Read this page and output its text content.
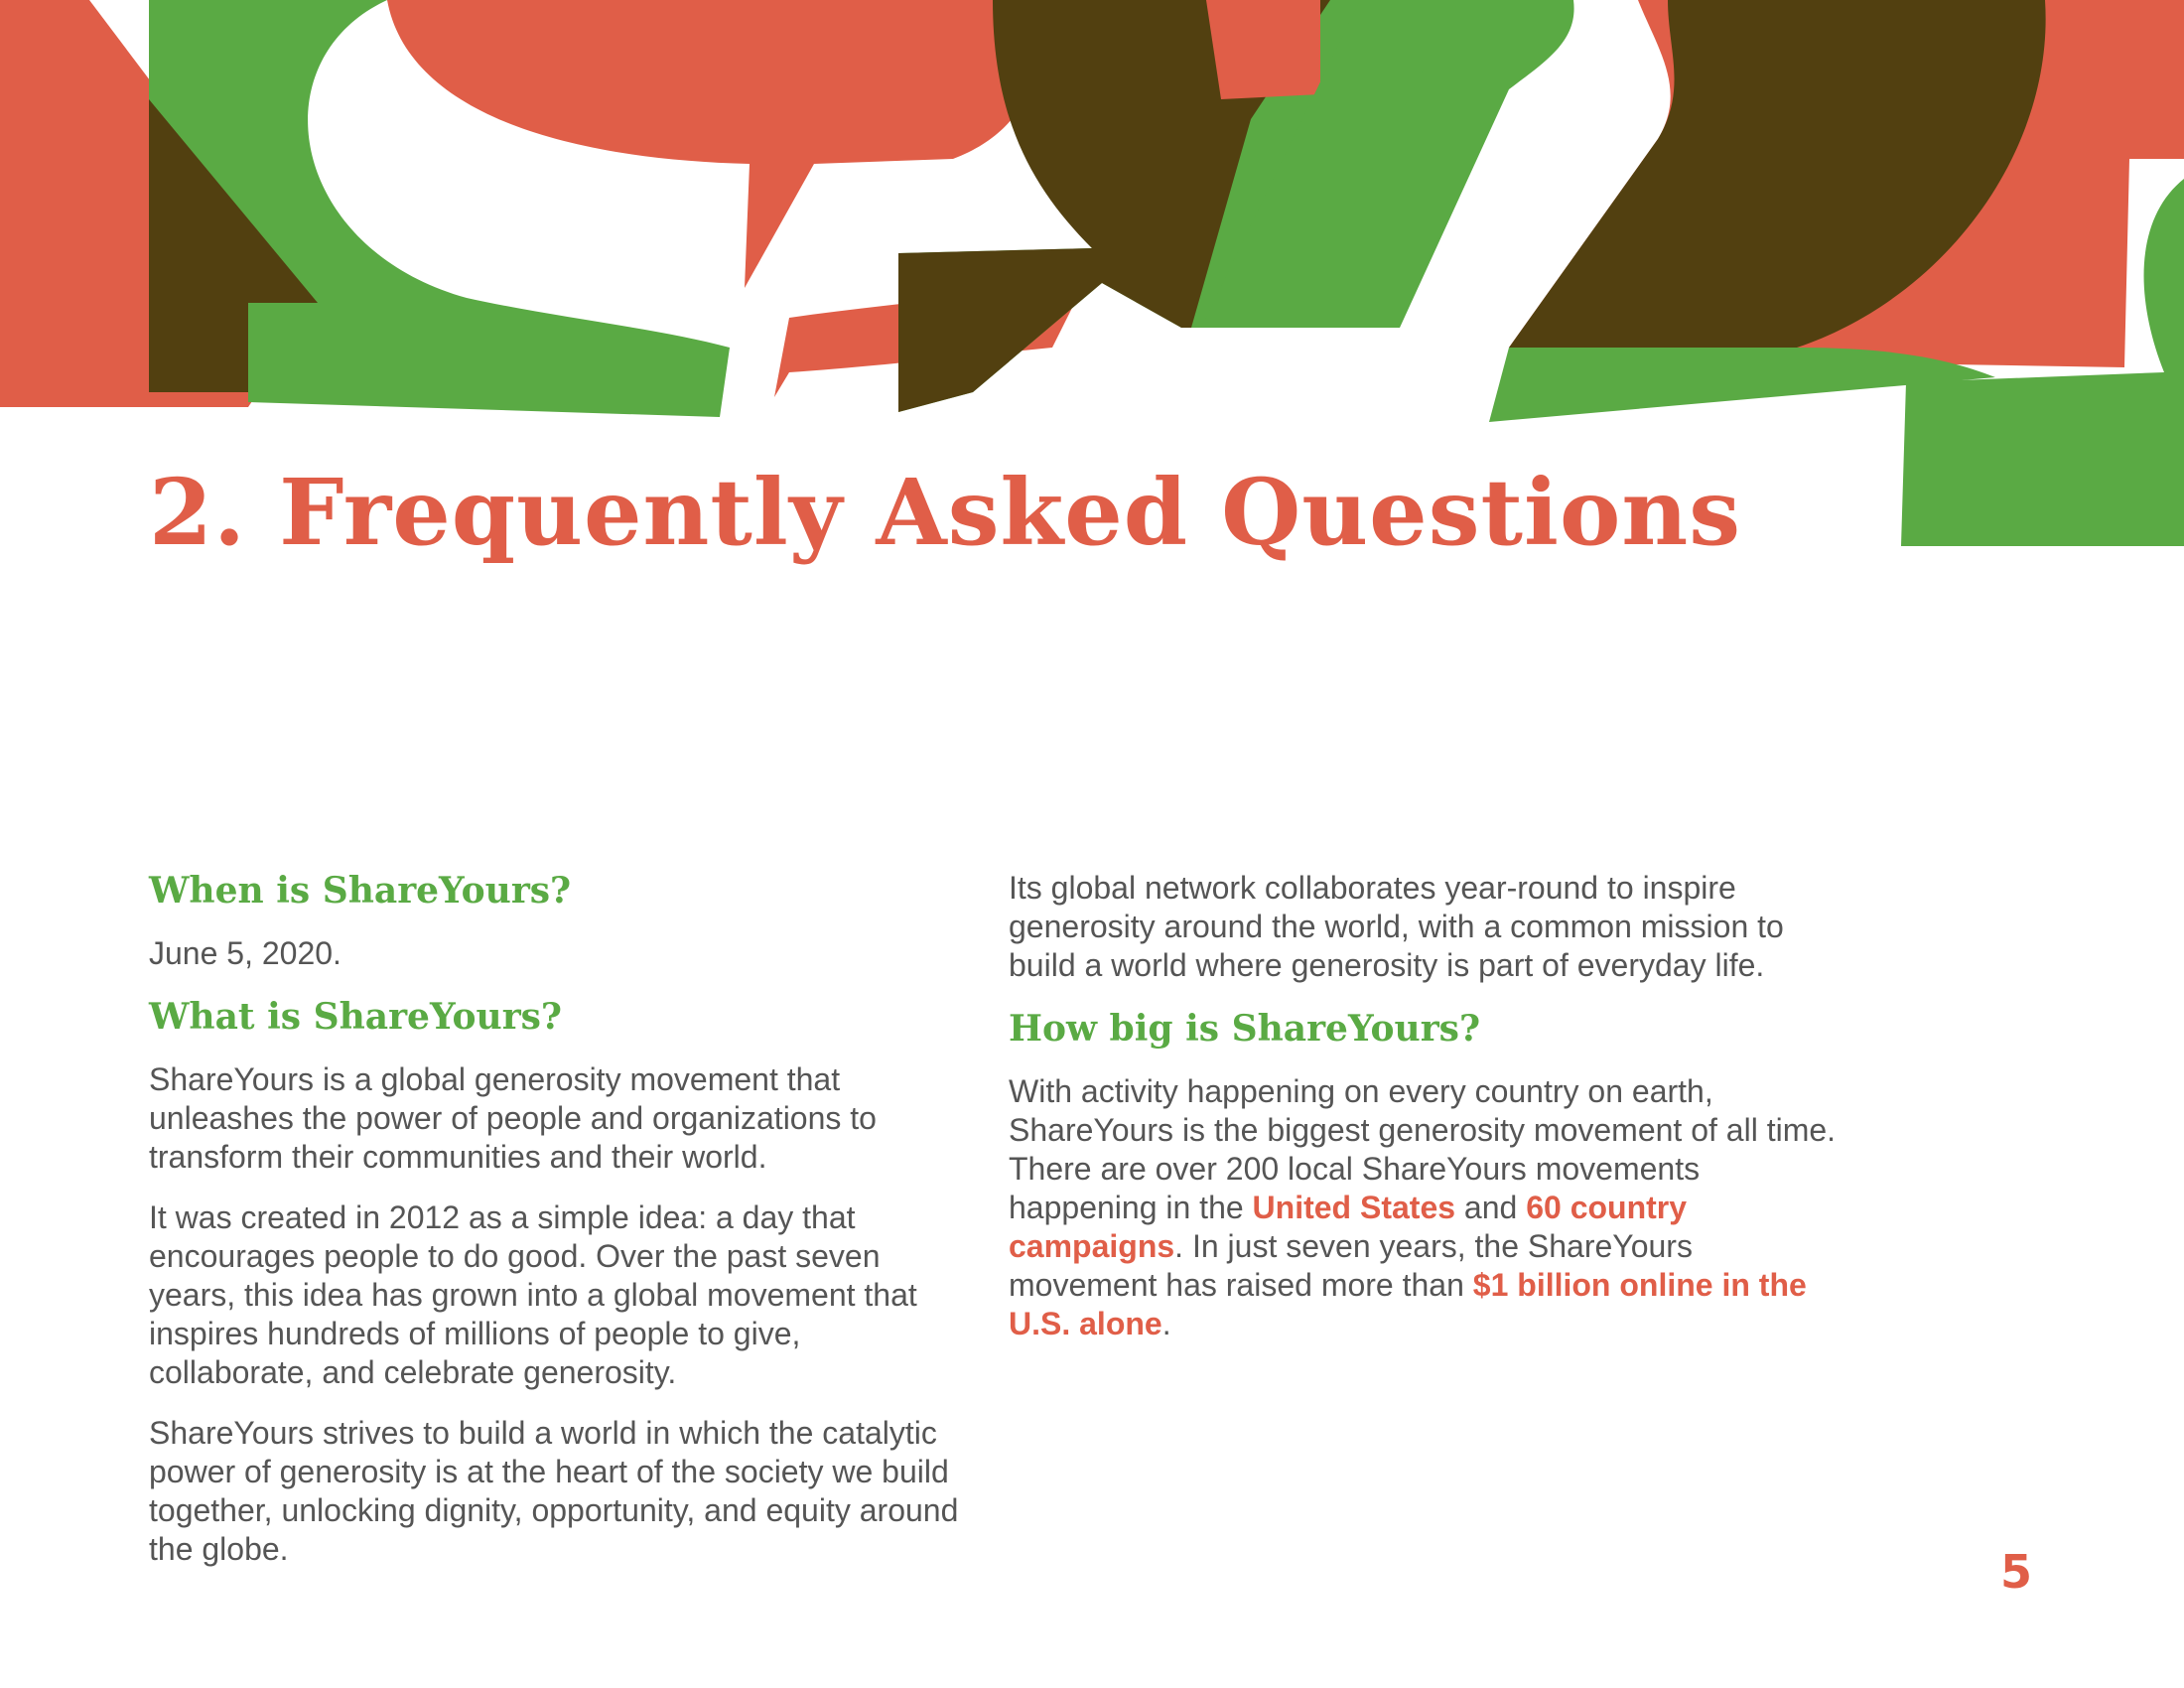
2. Frequently Asked Questions
When is ShareYours?

June 5, 2020.

What is ShareYours?

ShareYours is a global generosity movement that unleashes the power of people and organizations to transform their communities and their world.

It was created in 2012 as a simple idea: a day that encourages people to do good. Over the past seven years, this idea has grown into a global movement that inspires hundreds of millions of people to give, collaborate, and celebrate generosity.

ShareYours strives to build a world in which the catalytic power of generosity is at the heart of the society we build together, unlocking dignity, opportunity, and equity around the globe.

Its global network collaborates year-round to inspire generosity around the world, with a common mission to build a world where generosity is part of everyday life.

How big is ShareYours?

With activity happening on every country on earth, ShareYours is the biggest generosity movement of all time. There are over 200 local ShareYours movements happening in the United States and 60 country campaigns. In just seven years, the ShareYours movement has raised more than $1 billion online in the U.S. alone.

5
